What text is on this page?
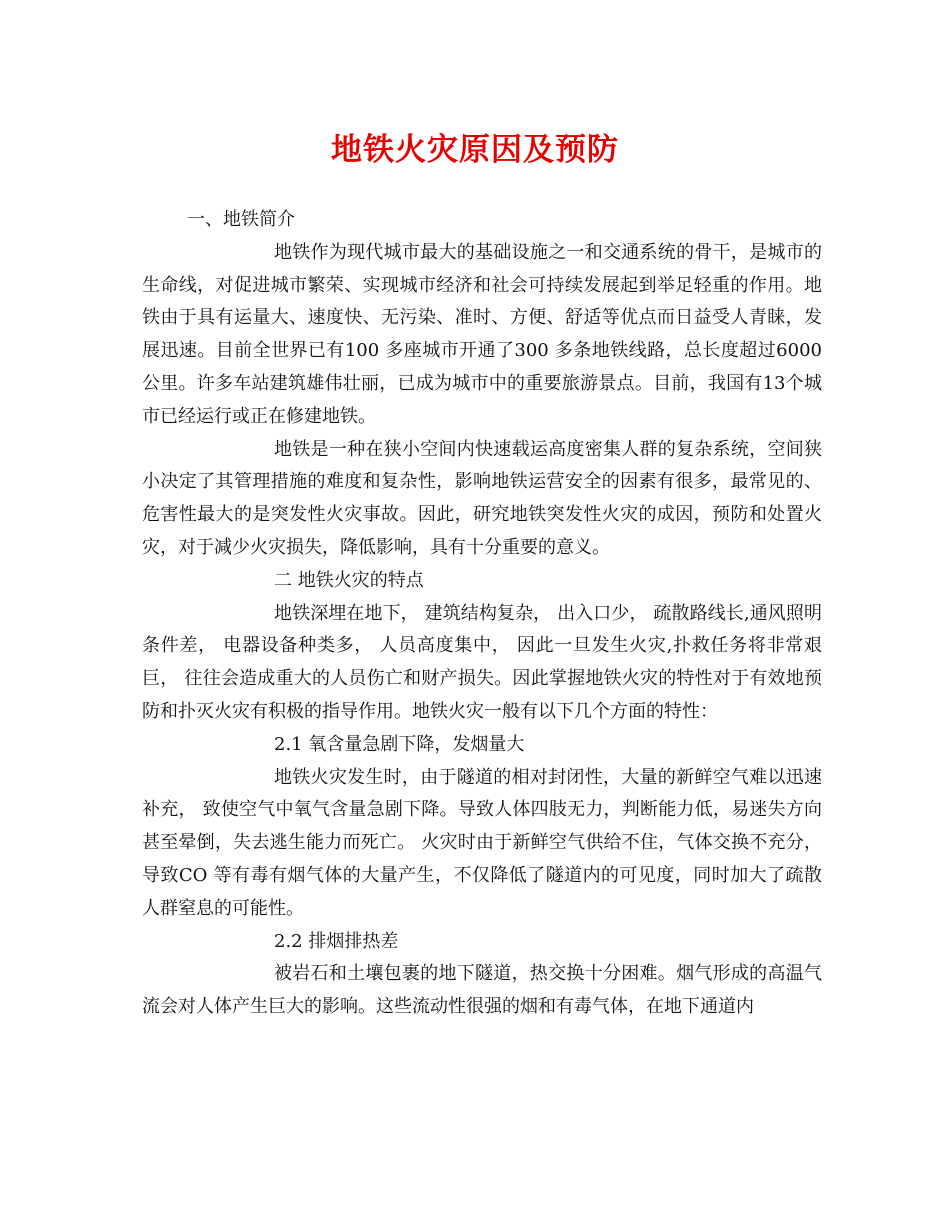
地铁火灾原因及预防

一、地铁简介

地铁作为现代城市最大的基础设施之一和交通系统的骨干，是城市的生命线，对促进城市繁荣、实现城市经济和社会可持续发展起到举足轻重的作用。地铁由于具有运量大、速度快、无污染、准时、方便、舒适等优点而日益受人青睐，发展迅速。目前全世界已有100 多座城市开通了300 多条地铁线路，总长度超过6000 公里。许多车站建筑雄伟壮丽，已成为城市中的重要旅游景点。目前，我国有13个城市已经运行或正在修建地铁。

地铁是一种在狭小空间内快速载运高度密集人群的复杂系统，空间狭小决定了其管理措施的难度和复杂性，影响地铁运营安全的因素有很多，最常见的、危害性最大的是突发性火灾事故。因此，研究地铁突发性火灾的成因，预防和处置火灾，对于减少火灾损失，降低影响，具有十分重要的意义。

二 地铁火灾的特点

地铁深埋在地下， 建筑结构复杂， 出入口少， 疏散路线长,通风照明条件差， 电器设备种类多， 人员高度集中， 因此一旦发生火灾,扑救任务将非常艰巨， 往往会造成重大的人员伤亡和财产损失。因此掌握地铁火灾的特性对于有效地预防和扑灭火灾有积极的指导作用。地铁火灾一般有以下几个方面的特性：

2.1 氧含量急剧下降，发烟量大

地铁火灾发生时，由于隧道的相对封闭性，大量的新鲜空气难以迅速补充， 致使空气中氧气含量急剧下降。导致人体四肢无力，判断能力低，易迷失方向甚至晕倒，失去逃生能力而死亡。 火灾时由于新鲜空气供给不住，气体交换不充分，导致CO 等有毒有烟气体的大量产生，不仅降低了隧道内的可见度，同时加大了疏散人群窒息的可能性。

2.2 排烟排热差

被岩石和土壤包裹的地下隧道，热交换十分困难。烟气形成的高温气流会对人体产生巨大的影响。这些流动性很强的烟和有毒气体，在地下通道内
